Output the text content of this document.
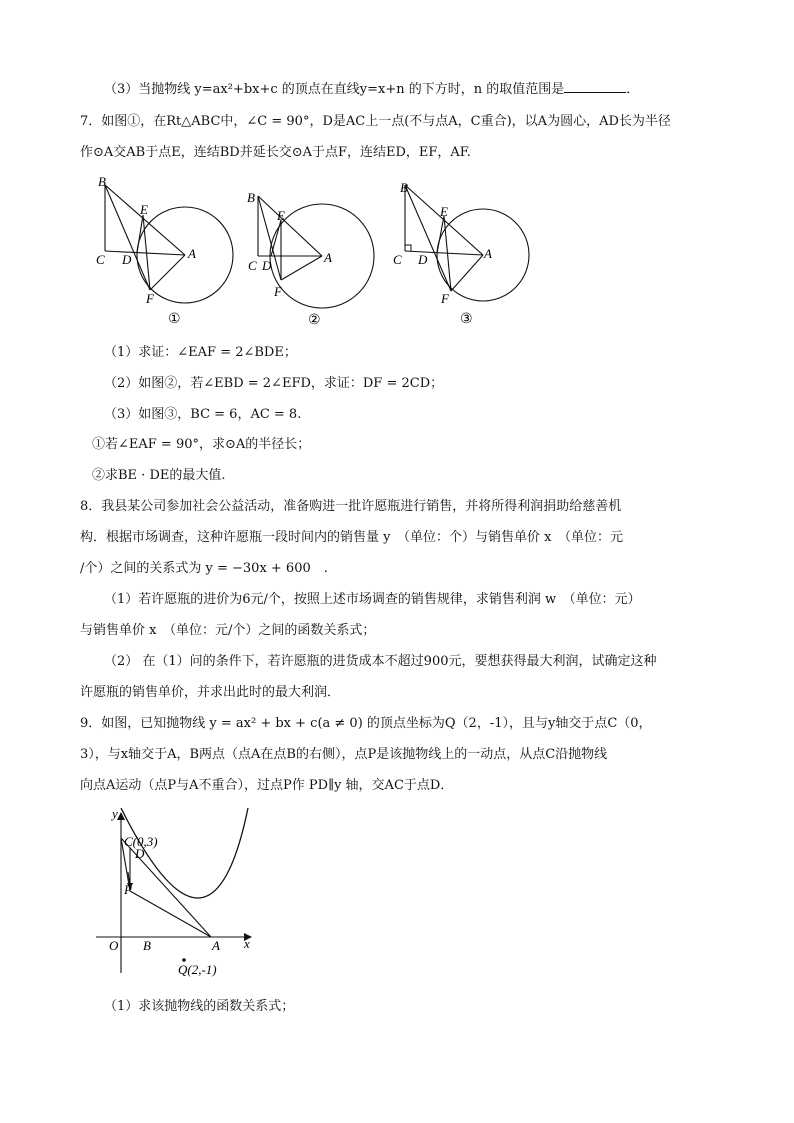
（3）当抛物线 y=ax²+bx+c 的顶点在直线y=x+n 的下方时，n 的取值范围是	．
7．如图①，在Rt△ABC中，∠C = 90°，D是AC上一点(不与点A，C重合)，以A为圆心，AD长为半径
作⊙A交AB于点E，连结BD并延长交⊙A于点F，连结ED，EF，AF.
B
E
C D	A
F
①
B
E
C D
A
F
②
B
E
C D	A
F
③
（1）求证：∠EAF = 2∠BDE；
（2）如图②，若∠EBD = 2∠EFD，求证：DF = 2CD；
（3）如图③，BC = 6，AC = 8.
①若∠EAF = 90°，求⊙A的半径长；
②求BE · DE的最大值.
8．我县某公司参加社会公益活动，准备购进一批许愿瓶进行销售，并将所得利润捐助给慈善机
构．根据市场调查，这种许愿瓶一段时间内的销售量 y　（单位：个）与销售单价 x　（单位：元
/个）之间的关系式为 y = −30x + 600　.
（1）若许愿瓶的进价为6元/个，按照上述市场调查的销售规律，求销售利润 w　（单位：元）
与销售单价 x　（单位：元/个）之间的函数关系式；
（2） 在（1）问的条件下，若许愿瓶的进货成本不超过900元，要想获得最大利润，试确定这种
许愿瓶的销售单价，并求出此时的最大利润．
9．如图，已知抛物线 y = ax² + bx + c(a ≠ 0) 的顶点坐标为Q（2，-1），且与y轴交于点C（0，
3），与x轴交于A，B两点（点A在点B的右侧），点P是该抛物线上的一动点，从点C沿抛物线
向点A运动（点P与A不重合），过点P作 PD∥y 轴，交AC于点D．
y
x
C(0,3)
D
P
O B	A
Q(2,-1)
（1）求该抛物线的函数关系式；
